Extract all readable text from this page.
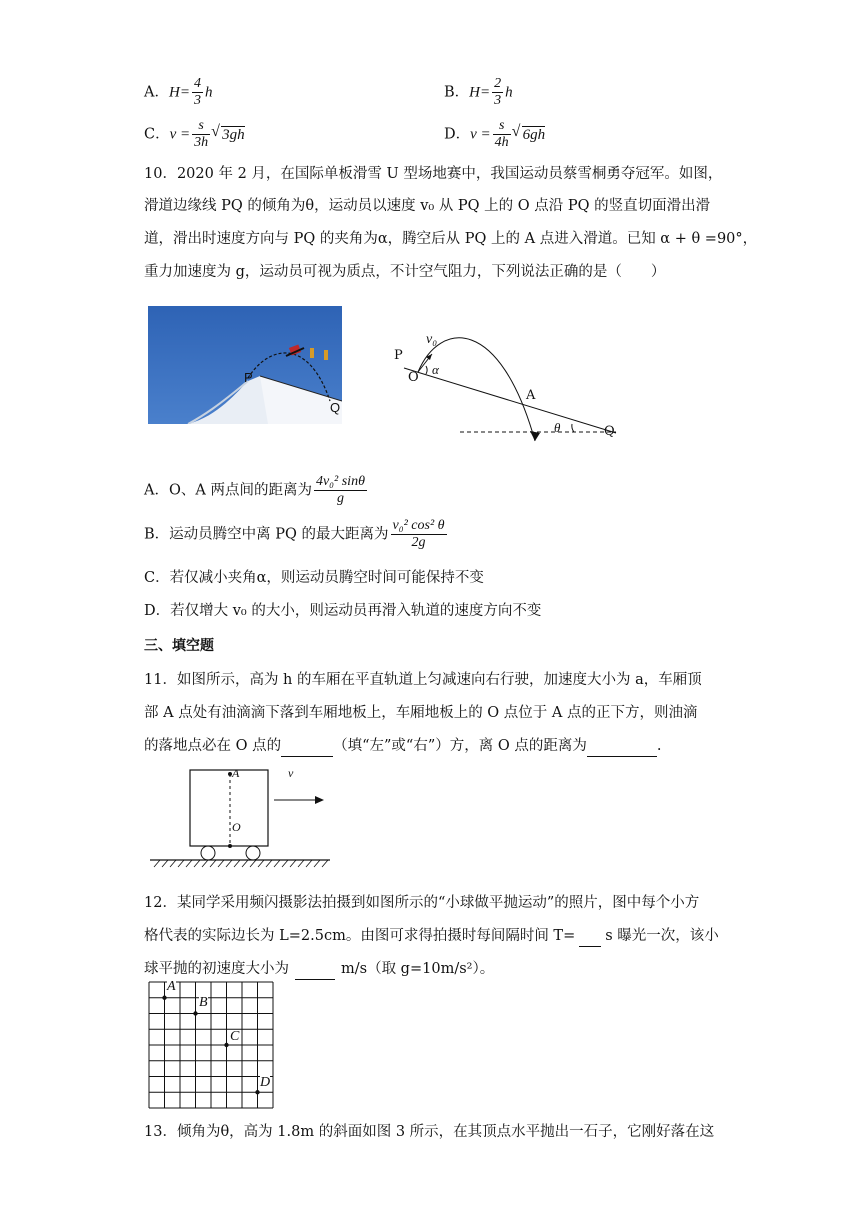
A．$H= \frac{4}{3}$ h	B．$H= \frac{2}{3}$ h
C．$v = \frac{s}{3h}$ √ 3gh	D．$v = \frac{s}{4h}$ √ 6gh
10．2020 年 2 月，在国际单板滑雪 U 型场地赛中，我国运动员蔡雪桐勇夺冠军。如图，
滑道边缘线 PQ 的倾角为θ，运动员以速度 v₀ 从 PQ 上的 O 点沿 PQ 的竖直切面滑出滑
道，滑出时速度方向与 PQ 的夹角为α，腾空后从 PQ 上的 A 点进入滑道。已知 α + θ =90°，
重力加速度为 g，运动员可视为质点，不计空气阻力，下列说法正确的是（　　）
P
Q
v₀
P
O
α
A
θ	Q
A．O、A 两点间的距离为 $\frac{\text{4v₀² sinθ}}{g}$
B．运动员腾空中离 PQ 的最大距离为 $\frac{\text{v₀² cos² θ}}{2g}$
C．若仅减小夹角α，则运动员腾空时间可能保持不变
D．若仅增大 v₀ 的大小，则运动员再滑入轨道的速度方向不变
三、填空题
11．如图所示，高为 h 的车厢在平直轨道上匀减速向右行驶，加速度大小为 a，车厢顶
部 A 点处有油滴滴下落到车厢地板上，车厢地板上的 O 点位于 A 点的正下方，则油滴
的落地点必在 O 点的	（填“左”或“右”）方，离 O 点的距离为	.
A
O
v
12．某同学采用频闪摄影法拍摄到如图所示的“小球做平抛运动”的照片，图中每个小方
格代表的实际边长为 L=2.5cm。由图可求得拍摄时每间隔时间 T= s 曝光一次，该小
球平抛的初速度大小为	m/s（取 g=10m/s²）。
A
B
C
D
13．倾角为θ，高为 1.8m 的斜面如图 3 所示，在其顶点水平抛出一石子，它刚好落在这
